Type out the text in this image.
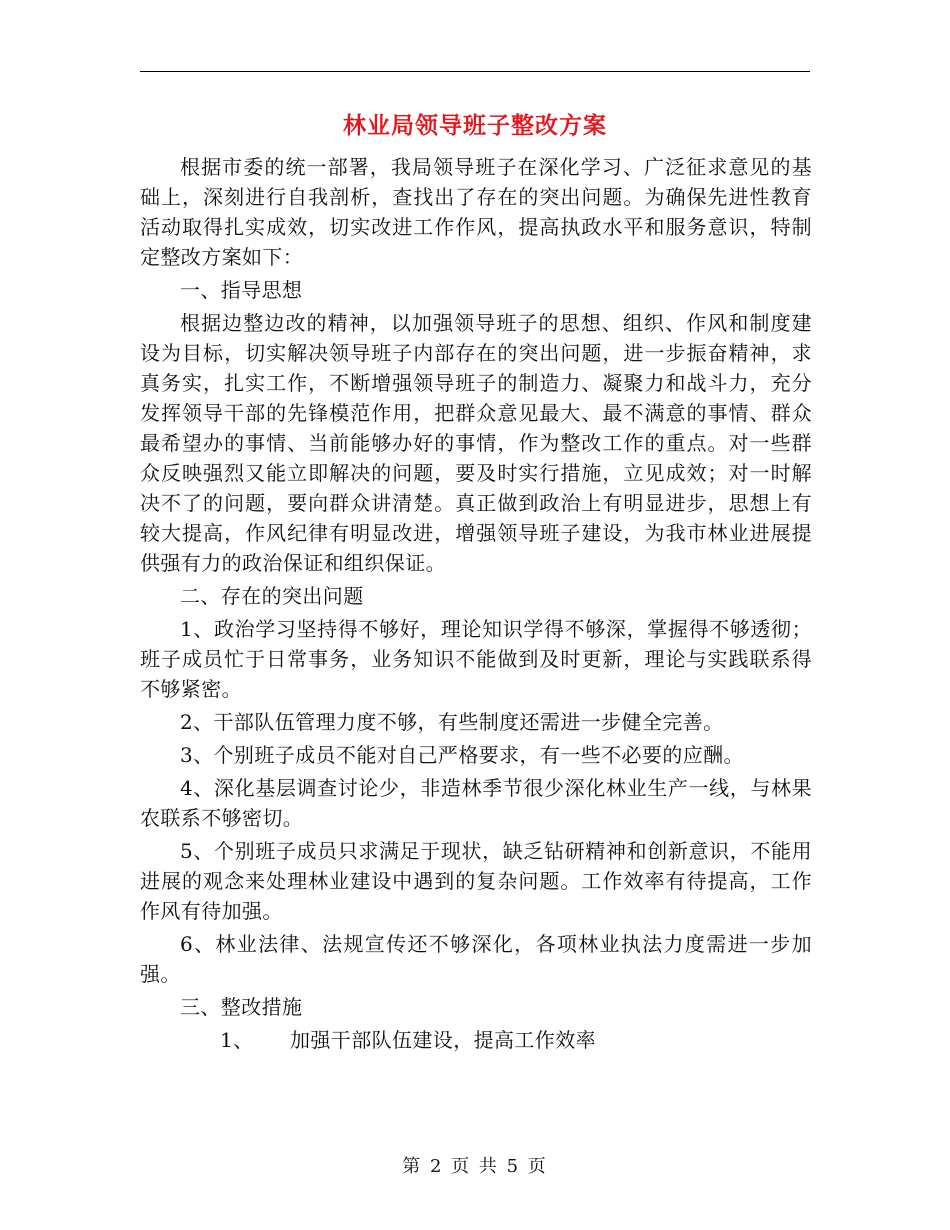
林业局领导班子整改方案

根据市委的统一部署，我局领导班子在深化学习、广泛征求意见的基础上，深刻进行自我剖析，查找出了存在的突出问题。为确保先进性教育活动取得扎实成效，切实改进工作作风，提高执政水平和服务意识，特制定整改方案如下：

一、指导思想

根据边整边改的精神，以加强领导班子的思想、组织、作风和制度建设为目标，切实解决领导班子内部存在的突出问题，进一步振奋精神，求真务实，扎实工作，不断增强领导班子的制造力、凝聚力和战斗力，充分发挥领导干部的先锋模范作用，把群众意见最大、最不满意的事情、群众最希望办的事情、当前能够办好的事情，作为整改工作的重点。对一些群众反映强烈又能立即解决的问题，要及时实行措施，立见成效；对一时解决不了的问题，要向群众讲清楚。真正做到政治上有明显进步，思想上有较大提高，作风纪律有明显改进，增强领导班子建设，为我市林业进展提供强有力的政治保证和组织保证。

二、存在的突出问题

1、政治学习坚持得不够好，理论知识学得不够深，掌握得不够透彻；班子成员忙于日常事务，业务知识不能做到及时更新，理论与实践联系得不够紧密。

2、干部队伍管理力度不够，有些制度还需进一步健全完善。

3、个别班子成员不能对自己严格要求，有一些不必要的应酬。

4、深化基层调查讨论少，非造林季节很少深化林业生产一线，与林果农联系不够密切。

5、个别班子成员只求满足于现状，缺乏钻研精神和创新意识，不能用进展的观念来处理林业建设中遇到的复杂问题。工作效率有待提高，工作作风有待加强。

6、林业法律、法规宣传还不够深化，各项林业执法力度需进一步加强。

三、整改措施

1、 加强干部队伍建设，提高工作效率

第 2 页 共 5 页
